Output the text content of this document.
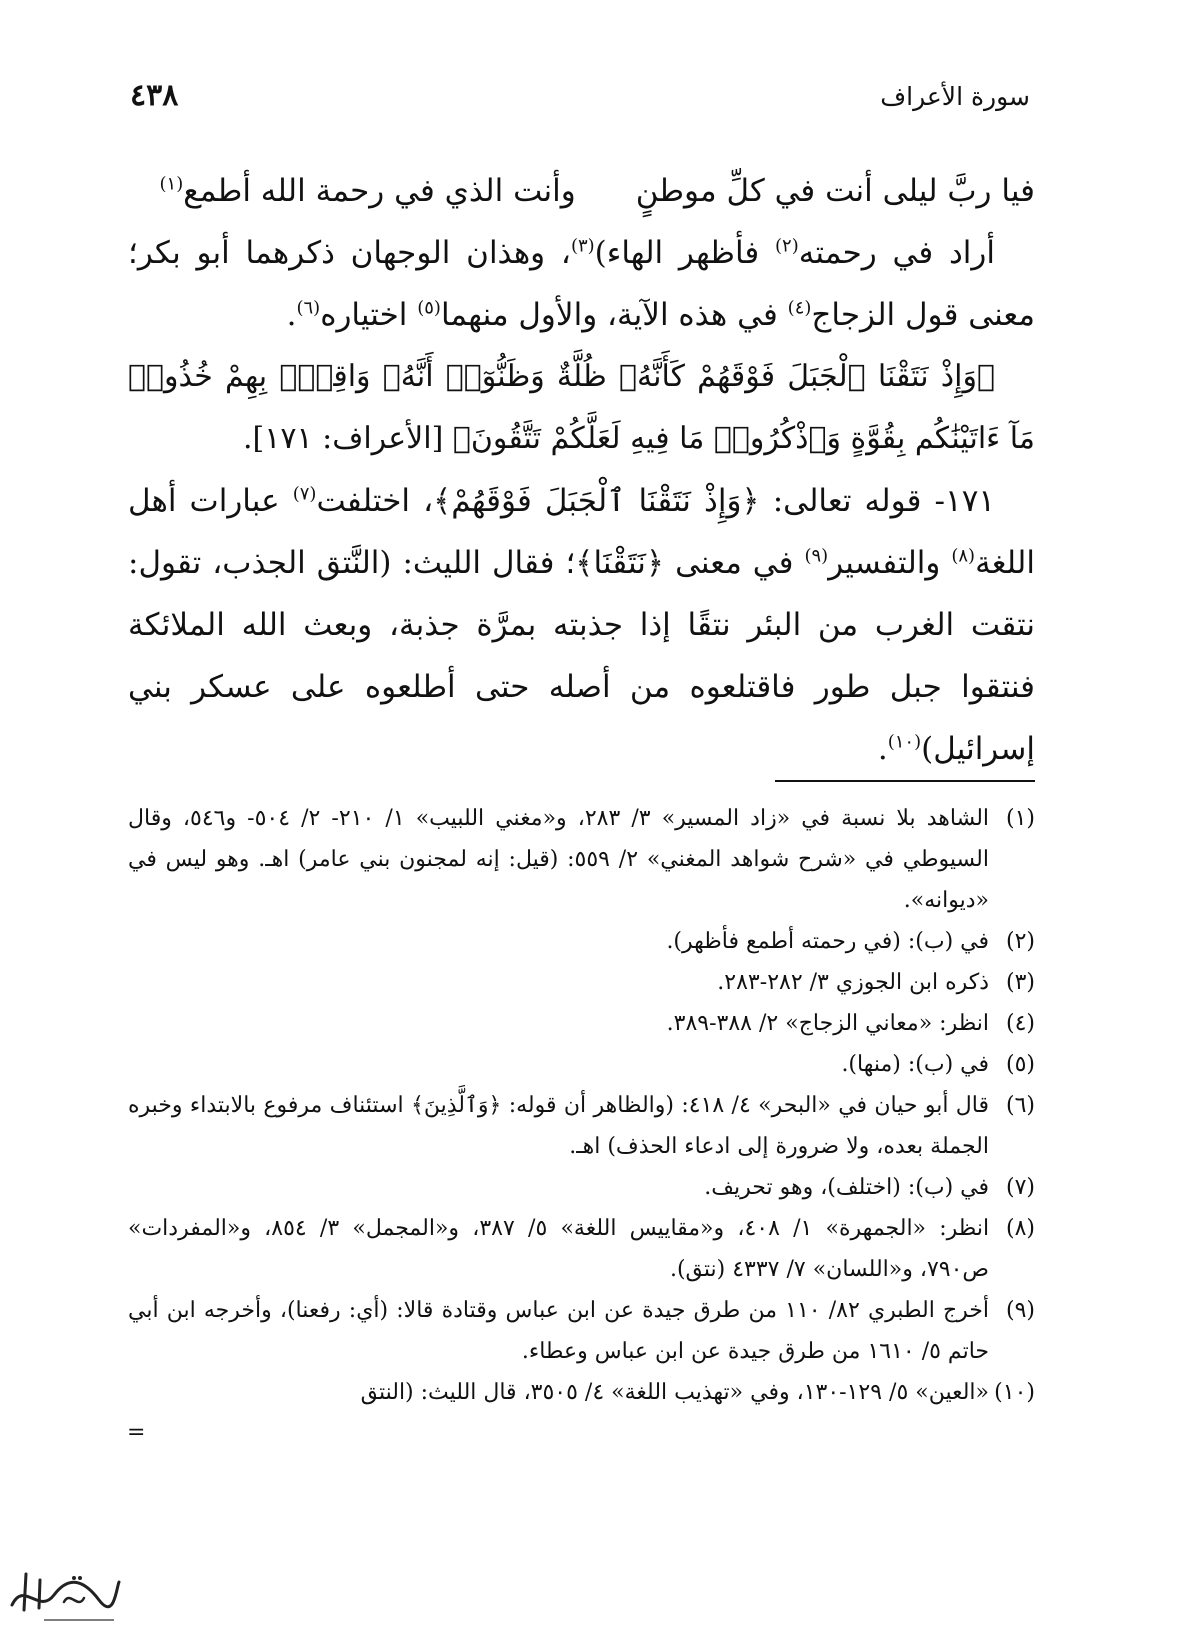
٤٣٨	سورة الأعراف
فيا ربَّ ليلى أنت في كلِّ موطنٍوأنت الذي في رحمة الله أطمع$^{(١)}$

أراد في رحمته$^{(٢)}$ فأظهر الهاء)$^{(٣)}$، وهذان الوجهان ذكرهما أبو بكر؛ معنى قول الزجاج$^{(٤)}$ في هذه الآية، والأول منهما$^{(٥)}$ اختياره$^{(٦)}$.

﴿وَإِذْ نَتَقْنَا ٱلْجَبَلَ فَوْقَهُمْ كَأَنَّهُۥ ظُلَّةٌ وَظَنُّوٓا۟ أَنَّهُۥ وَاقِعٌۢ بِهِمْ خُذُوا۟ مَآ ءَاتَيْنَٰكُم بِقُوَّةٍ وَٱذْكُرُوا۟ مَا فِيهِ لَعَلَّكُمْ تَتَّقُونَ﴾ [الأعراف: ١٧١].

١٧١- قوله تعالى: ﴿وَإِذْ نَتَقْنَا ٱلْجَبَلَ فَوْقَهُمْ﴾، اختلفت$^{(٧)}$ عبارات أهل اللغة$^{(٨)}$ والتفسير$^{(٩)}$ في معنى ﴿نَتَقْنَا﴾؛ فقال الليث: (النَّتق الجذب، تقول: نتقت الغرب من البئر نتقًا إذا جذبته بمرَّة جذبة، وبعث الله الملائكة فنتقوا جبل طور فاقتلعوه من أصله حتى أطلعوه على عسكر بني إسرائيل)$^{(١٠)}$.

(١)
الشاهد بلا نسبة في «زاد المسير» ٣/ ٢٨٣، و«مغني اللبيب» ١/ ٢١٠- ٢/ ٥٠٤- و٥٤٦، وقال السيوطي في «شرح شواهد المغني» ٢/ ٥٥٩: (قيل: إنه لمجنون بني عامر) اهـ. وهو ليس في «ديوانه».
(٢)
في (ب): (في رحمته أطمع فأظهر).
(٣)
ذكره ابن الجوزي ٣/ ٢٨٢-٢٨٣.
(٤)
انظر: «معاني الزجاج» ٢/ ٣٨٨-٣٨٩.
(٥)
في (ب): (منها).
(٦)
قال أبو حيان في «البحر» ٤/ ٤١٨: (والظاهر أن قوله: ﴿وَٱلَّذِينَ﴾ استئناف مرفوع بالابتداء وخبره الجملة بعده، ولا ضرورة إلى ادعاء الحذف) اهـ.
(٧)
في (ب): (اختلف)، وهو تحريف.
(٨)
انظر: «الجمهرة» ١/ ٤٠٨، و«مقاييس اللغة» ٥/ ٣٨٧، و«المجمل» ٣/ ٨٥٤، و«المفردات» ص٧٩٠، و«اللسان» ٧/ ٤٣٣٧ (نتق).
(٩)
أخرج الطبري ٨٢/ ١١٠ من طرق جيدة عن ابن عباس وقتادة قالا: (أي: رفعنا)، وأخرجه ابن أبي حاتم ٥/ ١٦١٠ من طرق جيدة عن ابن عباس وعطاء.
(١٠)
«العين» ٥/ ١٢٩-١٣٠، وفي «تهذيب اللغة» ٤/ ٣٥٠٥، قال الليث: (النتق
=
